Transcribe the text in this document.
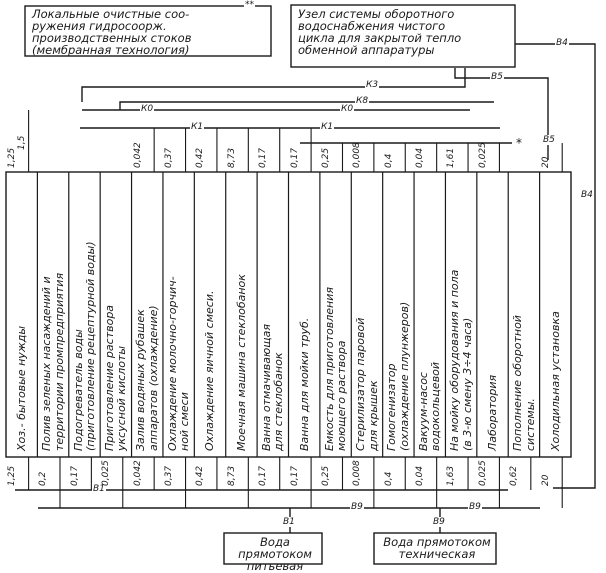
Локальные очистные соо-
ружения гидросоорж.
производственных стоков
(мембранная технология)
**
Узел системы оборотного
водоснабжения чистого
цикла для закрытой тепло
обменной аппаратуры
Вода прямотоком
питьевая
Вода прямотоком
техническая
К8
К3
К0	К0
К1	К1
В4
В5
В4
В5
В1
В9	В9
В1	В9
*
Хоз.- бытовые нужды
1,25
1,25
1,5
Полив зеленых насаждений и территории промпредприятия
0,2
Подогреватель воды (приготовление рецептурной воды)
0,17
Приготовление раствора уксусной кислоты
0,025
Залив водяных рубашек аппаратов (охлаждение)
0,042
0,042
Охлаждение молочно-горчич- ной смеси
0,37
0,37
Охлаждение яичной смеси.
0,42
0,42
Моечная машина стеклобанок
8,73
8,73
Ванна отмачивающая для стеклобанок
0,17
0,17
Ванна для мойки труб.
0,17
0,17
Емкость для приготовления моющего раствора
0,25
0,25
Стерилизатор паровой для крышек
0,008
0,008
Гомогенизатор (охлаждение плунжеров)
0,4
0,4
Вакуум-насос водокольцевой
0,04
0,04
На мойку оборудования и пола (в 3-ю смену 3÷4 часа)
1,63
1,61
Лаборатория
0,025
0,025
Пополнение оборотной системы.
0,62
Холодильная установка
20
20
